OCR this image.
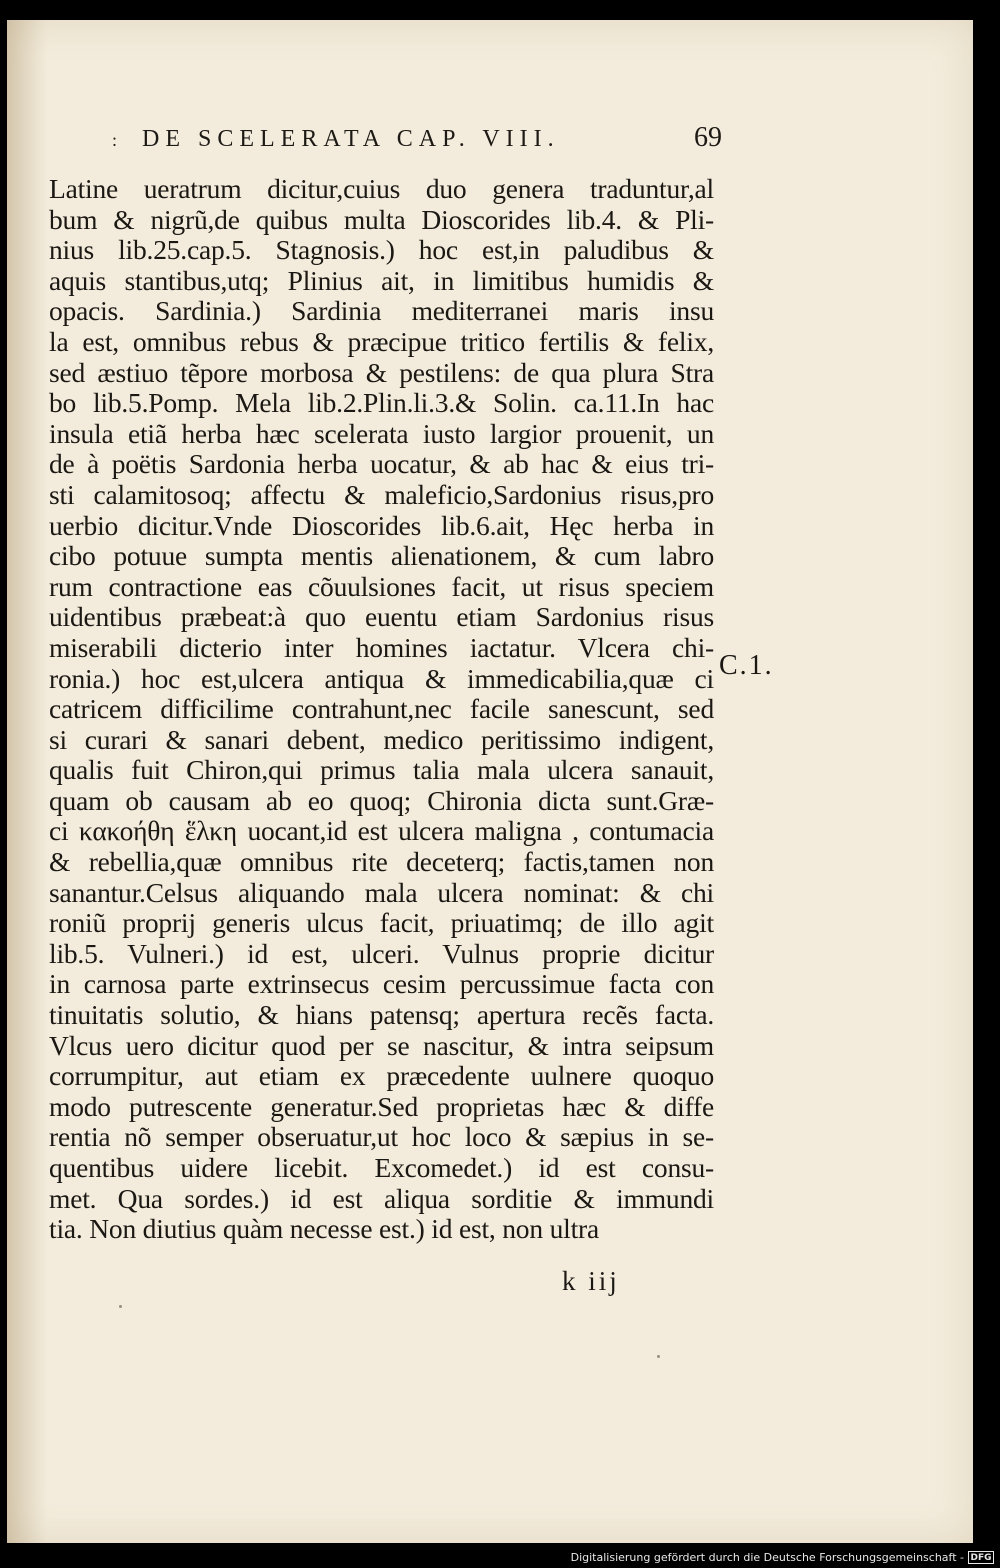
: DE SCELERATA CAP. VIII.	69
Latine ueratrum dicitur,cuius duo genera traduntur,al
bum & nigrũ,de quibus multa Dioscorides lib.4. & Pli-
nius lib.25.cap.5. Stagnosis.) hoc est,in paludibus &
aquis stantibus,utq; Plinius ait, in limitibus humidis &
opacis. Sardinia.) Sardinia mediterranei maris insu
la est, omnibus rebus & præcipue tritico fertilis & felix,
sed æstiuo tẽpore morbosa & pestilens: de qua plura Stra
bo lib.5.Pomp. Mela lib.2.Plin.li.3.& Solin. ca.11.In hac
insula etiã herba hæc scelerata iusto largior prouenit, un
de à poëtis Sardonia herba uocatur, & ab hac & eius tri-
sti calamitosoq; affectu & maleficio,Sardonius risus,pro
uerbio dicitur.Vnde Dioscorides lib.6.ait, Hęc herba in
cibo potuue sumpta mentis alienationem, & cum labro
rum contractione eas cõuulsiones facit, ut risus speciem
uidentibus præbeat:à quo euentu etiam Sardonius risus
miserabili dicterio inter homines iactatur. Vlcera chi-
ronia.) hoc est,ulcera antiqua & immedicabilia,quæ ci
catricem difficilime contrahunt,nec facile sanescunt, sed
si curari & sanari debent, medico peritissimo indigent,
qualis fuit Chiron,qui primus talia mala ulcera sanauit,
quam ob causam ab eo quoq; Chironia dicta sunt.Græ-
ci κακοήθη ἕλκη uocant,id est ulcera maligna , contumacia
& rebellia,quæ omnibus rite deceterq; factis,tamen non
sanantur.Celsus aliquando mala ulcera nominat: & chi
roniũ proprij generis ulcus facit, priuatimq; de illo agit
lib.5. Vulneri.) id est, ulceri. Vulnus proprie dicitur
in carnosa parte extrinsecus cesim percussimue facta con
tinuitatis solutio, & hians patensq; apertura recẽs facta.
Vlcus uero dicitur quod per se nascitur, & intra seipsum
corrumpitur, aut etiam ex præcedente uulnere quoquo
modo putrescente generatur.Sed proprietas hæc & diffe
rentia nõ semper obseruatur,ut hoc loco & sæpius in se-
quentibus uidere licebit. Excomedet.) id est consu-
met. Qua sordes.) id est aliqua sorditie & immundi
tia. Non diutius quàm necesse est.) id est, non ultra
C.1.
k iij
Digitalisierung gefördert durch die Deutsche Forschungsgemeinschaft - DFG
